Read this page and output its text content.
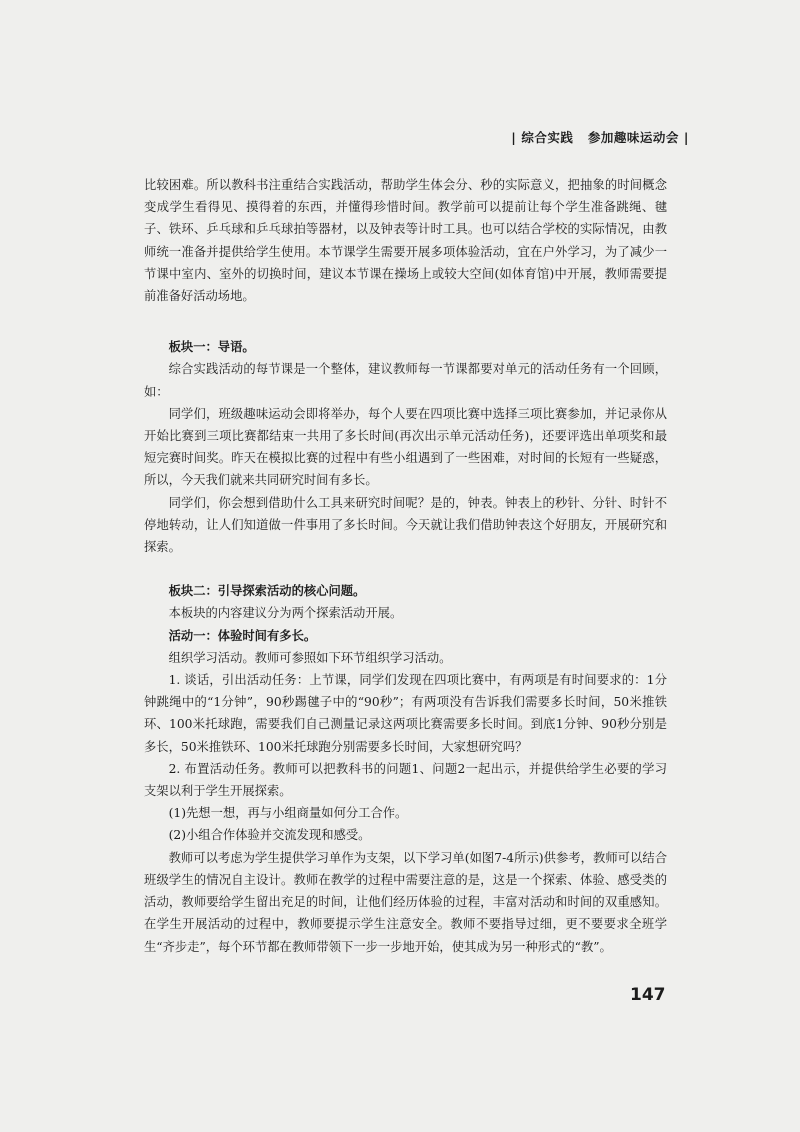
| 综合实践 参加趣味运动会 |

比较困难。所以教科书注重结合实践活动，帮助学生体会分、秒的实际意义，把抽象的时间概念变成学生看得见、摸得着的东西，并懂得珍惜时间。教学前可以提前让每个学生准备跳绳、毽子、铁环、乒乓球和乒乓球拍等器材，以及钟表等计时工具。也可以结合学校的实际情况，由教师统一准备并提供给学生使用。本节课学生需要开展多项体验活动，宜在户外学习，为了减少一节课中室内、室外的切换时间，建议本节课在操场上或较大空间(如体育馆)中开展，教师需要提前准备好活动场地。

板块一：导语。

综合实践活动的每节课是一个整体，建议教师每一节课都要对单元的活动任务有一个回顾，如：

同学们，班级趣味运动会即将举办，每个人要在四项比赛中选择三项比赛参加，并记录你从开始比赛到三项比赛都结束一共用了多长时间(再次出示单元活动任务)，还要评选出单项奖和最短完赛时间奖。昨天在模拟比赛的过程中有些小组遇到了一些困难，对时间的长短有一些疑惑，所以，今天我们就来共同研究时间有多长。

同学们，你会想到借助什么工具来研究时间呢？是的，钟表。钟表上的秒针、分针、时针不停地转动，让人们知道做一件事用了多长时间。今天就让我们借助钟表这个好朋友，开展研究和探索。

板块二：引导探索活动的核心问题。

本板块的内容建议分为两个探索活动开展。

活动一：体验时间有多长。

组织学习活动。教师可参照如下环节组织学习活动。

1. 谈话，引出活动任务：上节课，同学们发现在四项比赛中，有两项是有时间要求的：1分钟跳绳中的“1分钟”，90秒踢毽子中的“90秒”；有两项没有告诉我们需要多长时间，50米推铁环、100米托球跑，需要我们自己测量记录这两项比赛需要多长时间。到底1分钟、90秒分别是多长，50米推铁环、100米托球跑分别需要多长时间，大家想研究吗？

2. 布置活动任务。教师可以把教科书的问题1、问题2一起出示，并提供给学生必要的学习支架以利于学生开展探索。

(1)先想一想，再与小组商量如何分工合作。

(2)小组合作体验并交流发现和感受。

教师可以考虑为学生提供学习单作为支架，以下学习单(如图7-4所示)供参考，教师可以结合班级学生的情况自主设计。教师在教学的过程中需要注意的是，这是一个探索、体验、感受类的活动，教师要给学生留出充足的时间，让他们经历体验的过程，丰富对活动和时间的双重感知。在学生开展活动的过程中，教师要提示学生注意安全。教师不要指导过细，更不要要求全班学生“齐步走”，每个环节都在教师带领下一步一步地开始，使其成为另一种形式的“教”。

147
